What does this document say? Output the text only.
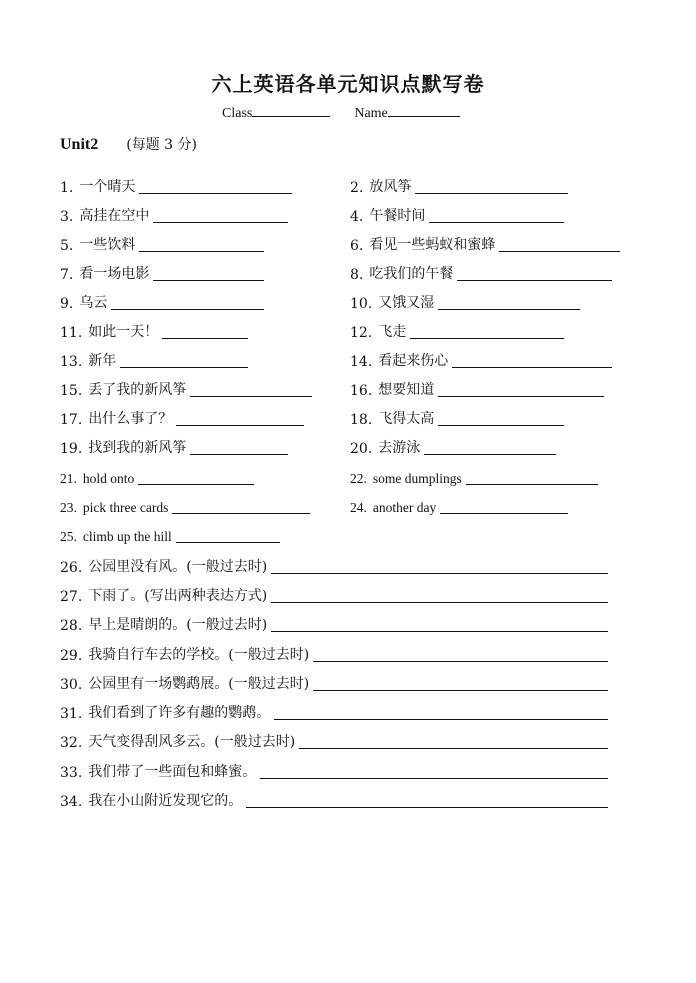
六上英语各单元知识点默写卷
Class	Name
Unit2 (每题 3 分)
1. 一个晴天	2. 放风筝
3. 高挂在空中	4. 午餐时间
5. 一些饮料	6. 看见一些蚂蚁和蜜蜂
7. 看一场电影	8. 吃我们的午餐
9. 乌云	10. 又饿又湿
11. 如此一天！	12. 飞走
13. 新年	14. 看起来伤心
15. 丢了我的新风筝	16. 想要知道
17. 出什么事了？	18. 飞得太高
19. 找到我的新风筝	20. 去游泳
21. hold onto	22. some dumplings
23. pick three cards	24. another day
25. climb up the hill
26. 公园里没有风。(一般过去时)
27. 下雨了。(写出两种表达方式)
28. 早上是晴朗的。(一般过去时)
29. 我骑自行车去的学校。(一般过去时)
30. 公园里有一场鹦鹉展。(一般过去时)
31. 我们看到了许多有趣的鹦鹉。
32. 天气变得刮风多云。(一般过去时)
33. 我们带了一些面包和蜂蜜。
34. 我在小山附近发现它的。
